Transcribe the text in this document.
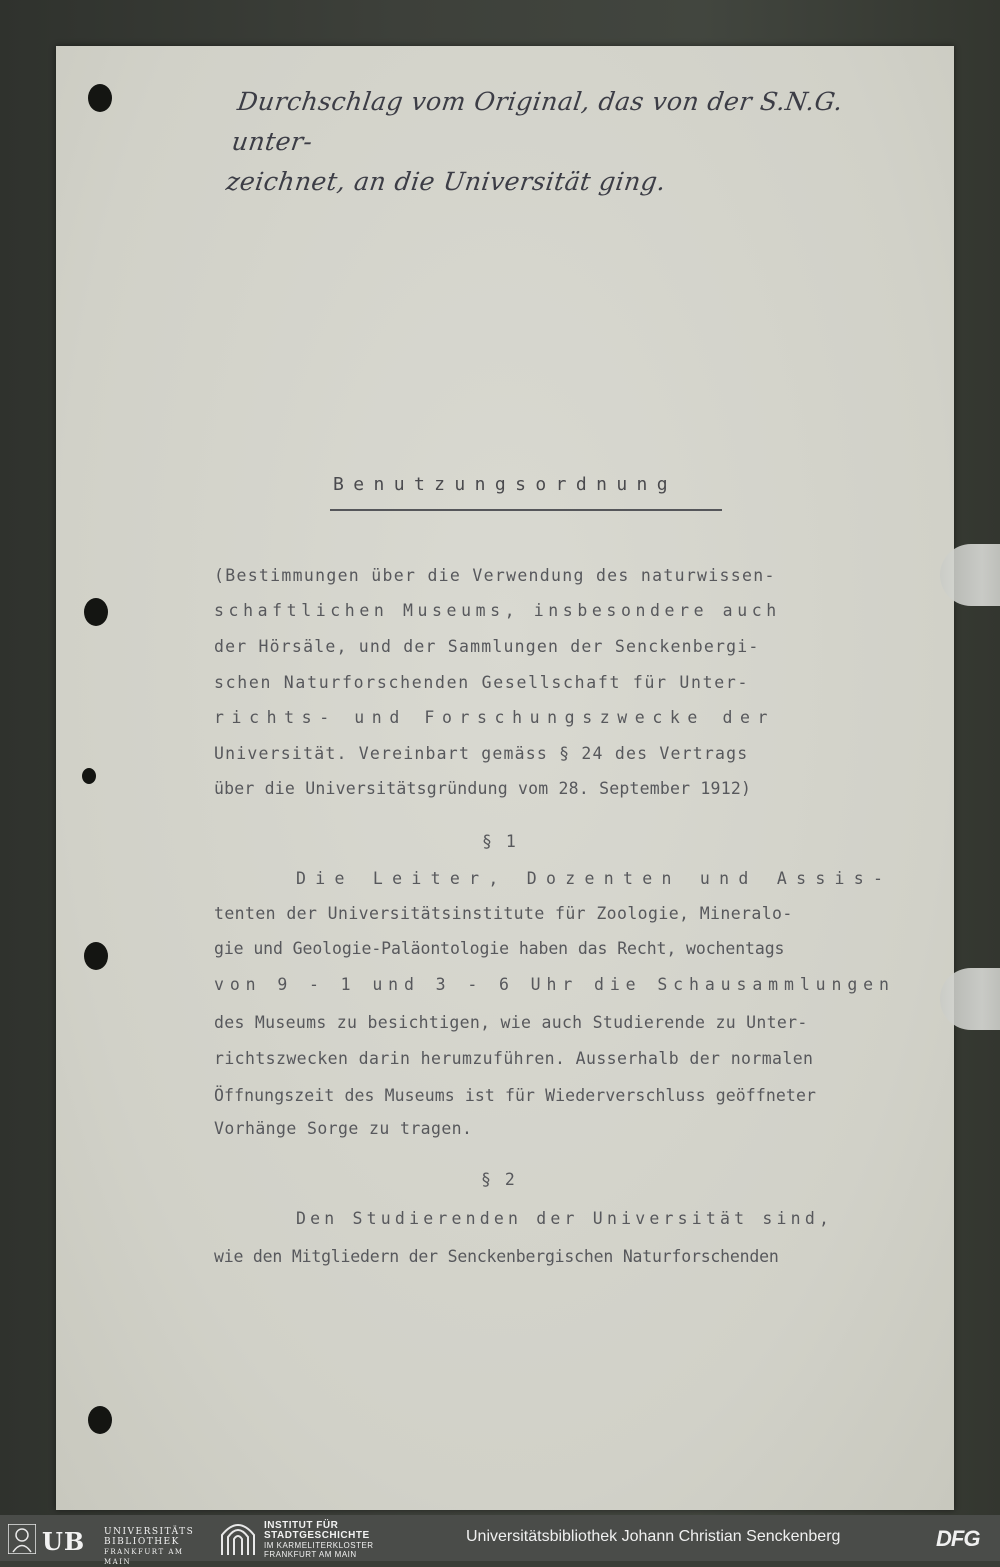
Durchschlag vom Original, das von der S.N.G. unter-
zeichnet, an die Universität ging.
Benutzungsordnung
(Bestimmungen über die Verwendung des naturwissen-
schaftlichen Museums, insbesondere auch
der Hörsäle, und der Sammlungen der Senckenbergi-
schen Naturforschenden Gesellschaft für Unter-
richts- und Forschungszwecke der
Universität. Vereinbart gemäss § 24 des Vertrags
über die Universitätsgründung vom 28. September 1912)
§ 1
Die Leiter, Dozenten und Assis-
tenten der Universitätsinstitute für Zoologie, Mineralo-
gie und Geologie-Paläontologie haben das Recht, wochentags
von 9 - 1 und 3 - 6 Uhr die Schausammlungen
des Museums zu besichtigen, wie auch Studierende zu Unter-
richtszwecken darin herumzuführen. Ausserhalb der normalen
Öffnungszeit des Museums ist für Wiederverschluss geöffneter
Vorhänge Sorge zu tragen.
§ 2
Den Studierenden der Universität sind,
wie den Mitgliedern der Senckenbergischen Naturforschenden
UB UNIVERSITÄTS
BIBLIOTHEK
FRANKFURT AM MAIN
INSTITUT FÜR
STADTGESCHICHTE
IM KARMELITERKLOSTER
FRANKFURT AM MAIN
Universitätsbibliothek Johann Christian Senckenberg	DFG
